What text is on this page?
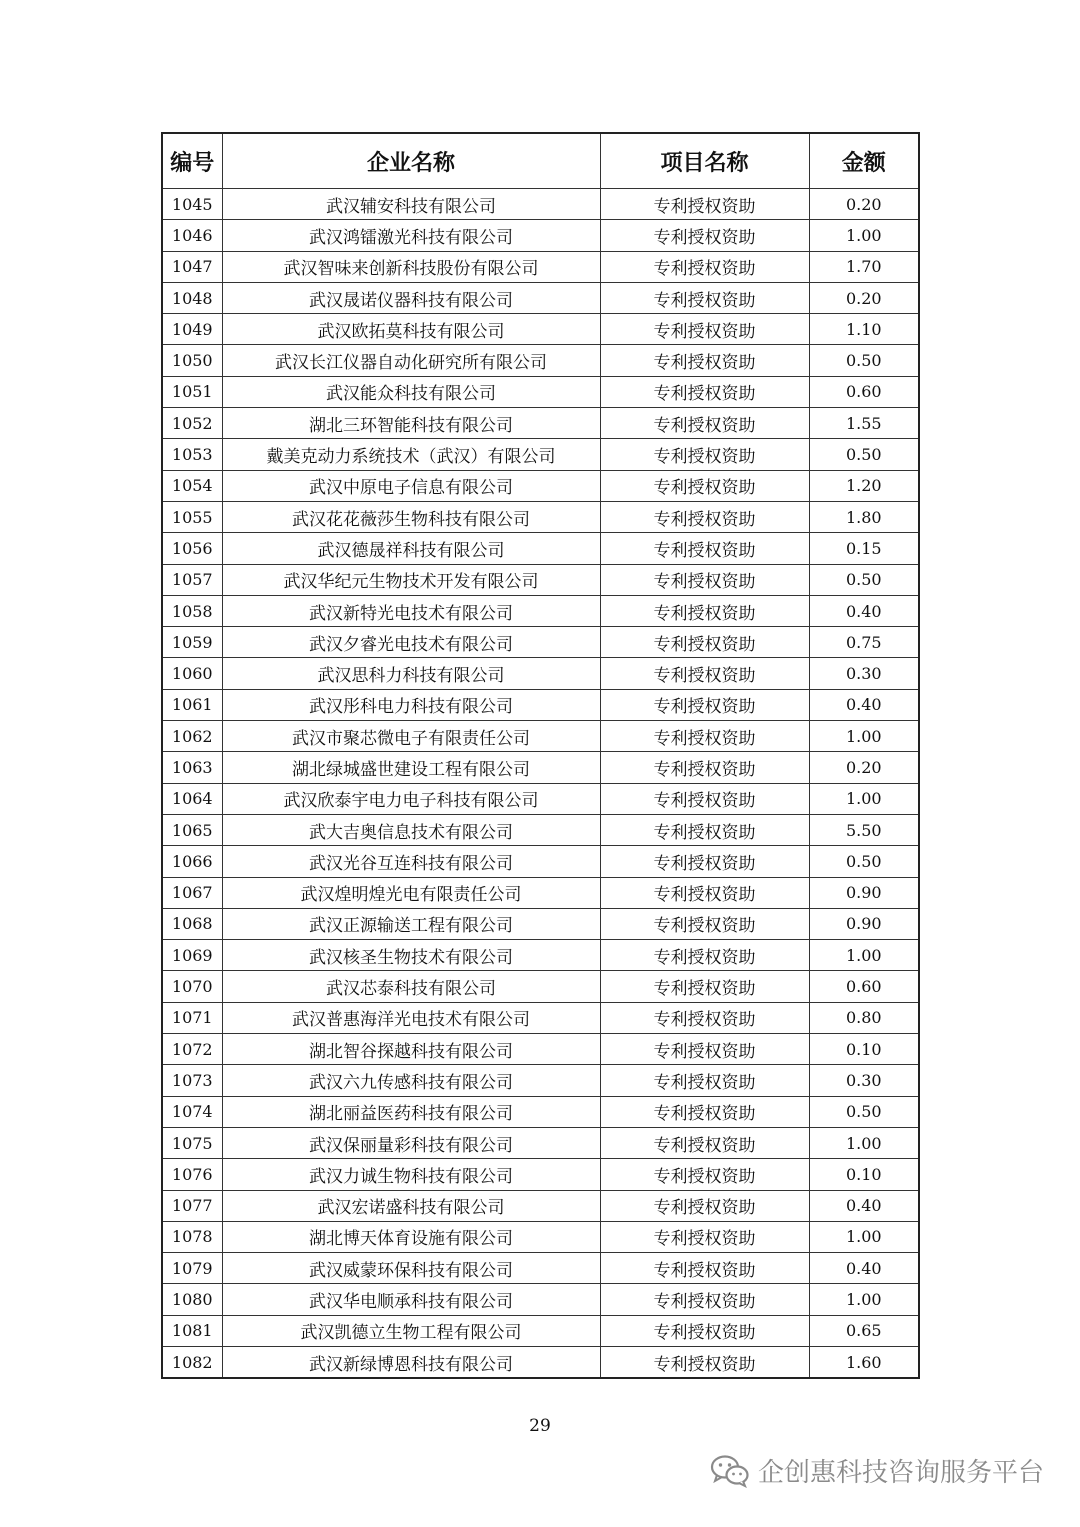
编号	企业名称	项目名称	金额
1045	武汉辅安科技有限公司	专利授权资助	0.20
1046	武汉鸿镭激光科技有限公司	专利授权资助	1.00
1047	武汉智味来创新科技股份有限公司	专利授权资助	1.70
1048	武汉晟诺仪器科技有限公司	专利授权资助	0.20
1049	武汉欧拓莫科技有限公司	专利授权资助	1.10
1050	武汉长江仪器自动化研究所有限公司	专利授权资助	0.50
1051	武汉能众科技有限公司	专利授权资助	0.60
1052	湖北三环智能科技有限公司	专利授权资助	1.55
1053	戴美克动力系统技术（武汉）有限公司	专利授权资助	0.50
1054	武汉中原电子信息有限公司	专利授权资助	1.20
1055	武汉花花薇莎生物科技有限公司	专利授权资助	1.80
1056	武汉德晟祥科技有限公司	专利授权资助	0.15
1057	武汉华纪元生物技术开发有限公司	专利授权资助	0.50
1058	武汉新特光电技术有限公司	专利授权资助	0.40
1059	武汉夕睿光电技术有限公司	专利授权资助	0.75
1060	武汉思科力科技有限公司	专利授权资助	0.30
1061	武汉彤科电力科技有限公司	专利授权资助	0.40
1062	武汉市聚芯微电子有限责任公司	专利授权资助	1.00
1063	湖北绿城盛世建设工程有限公司	专利授权资助	0.20
1064	武汉欣泰宇电力电子科技有限公司	专利授权资助	1.00
1065	武大吉奥信息技术有限公司	专利授权资助	5.50
1066	武汉光谷互连科技有限公司	专利授权资助	0.50
1067	武汉煌明煌光电有限责任公司	专利授权资助	0.90
1068	武汉正源输送工程有限公司	专利授权资助	0.90
1069	武汉核圣生物技术有限公司	专利授权资助	1.00
1070	武汉芯泰科技有限公司	专利授权资助	0.60
1071	武汉普惠海洋光电技术有限公司	专利授权资助	0.80
1072	湖北智谷探越科技有限公司	专利授权资助	0.10
1073	武汉六九传感科技有限公司	专利授权资助	0.30
1074	湖北丽益医药科技有限公司	专利授权资助	0.50
1075	武汉保丽量彩科技有限公司	专利授权资助	1.00
1076	武汉力诚生物科技有限公司	专利授权资助	0.10
1077	武汉宏诺盛科技有限公司	专利授权资助	0.40
1078	湖北博天体育设施有限公司	专利授权资助	1.00
1079	武汉威蒙环保科技有限公司	专利授权资助	0.40
1080	武汉华电顺承科技有限公司	专利授权资助	1.00
1081	武汉凯德立生物工程有限公司	专利授权资助	0.65
1082	武汉新绿博恩科技有限公司	专利授权资助	1.60
29
企创惠科技咨询服务平台
